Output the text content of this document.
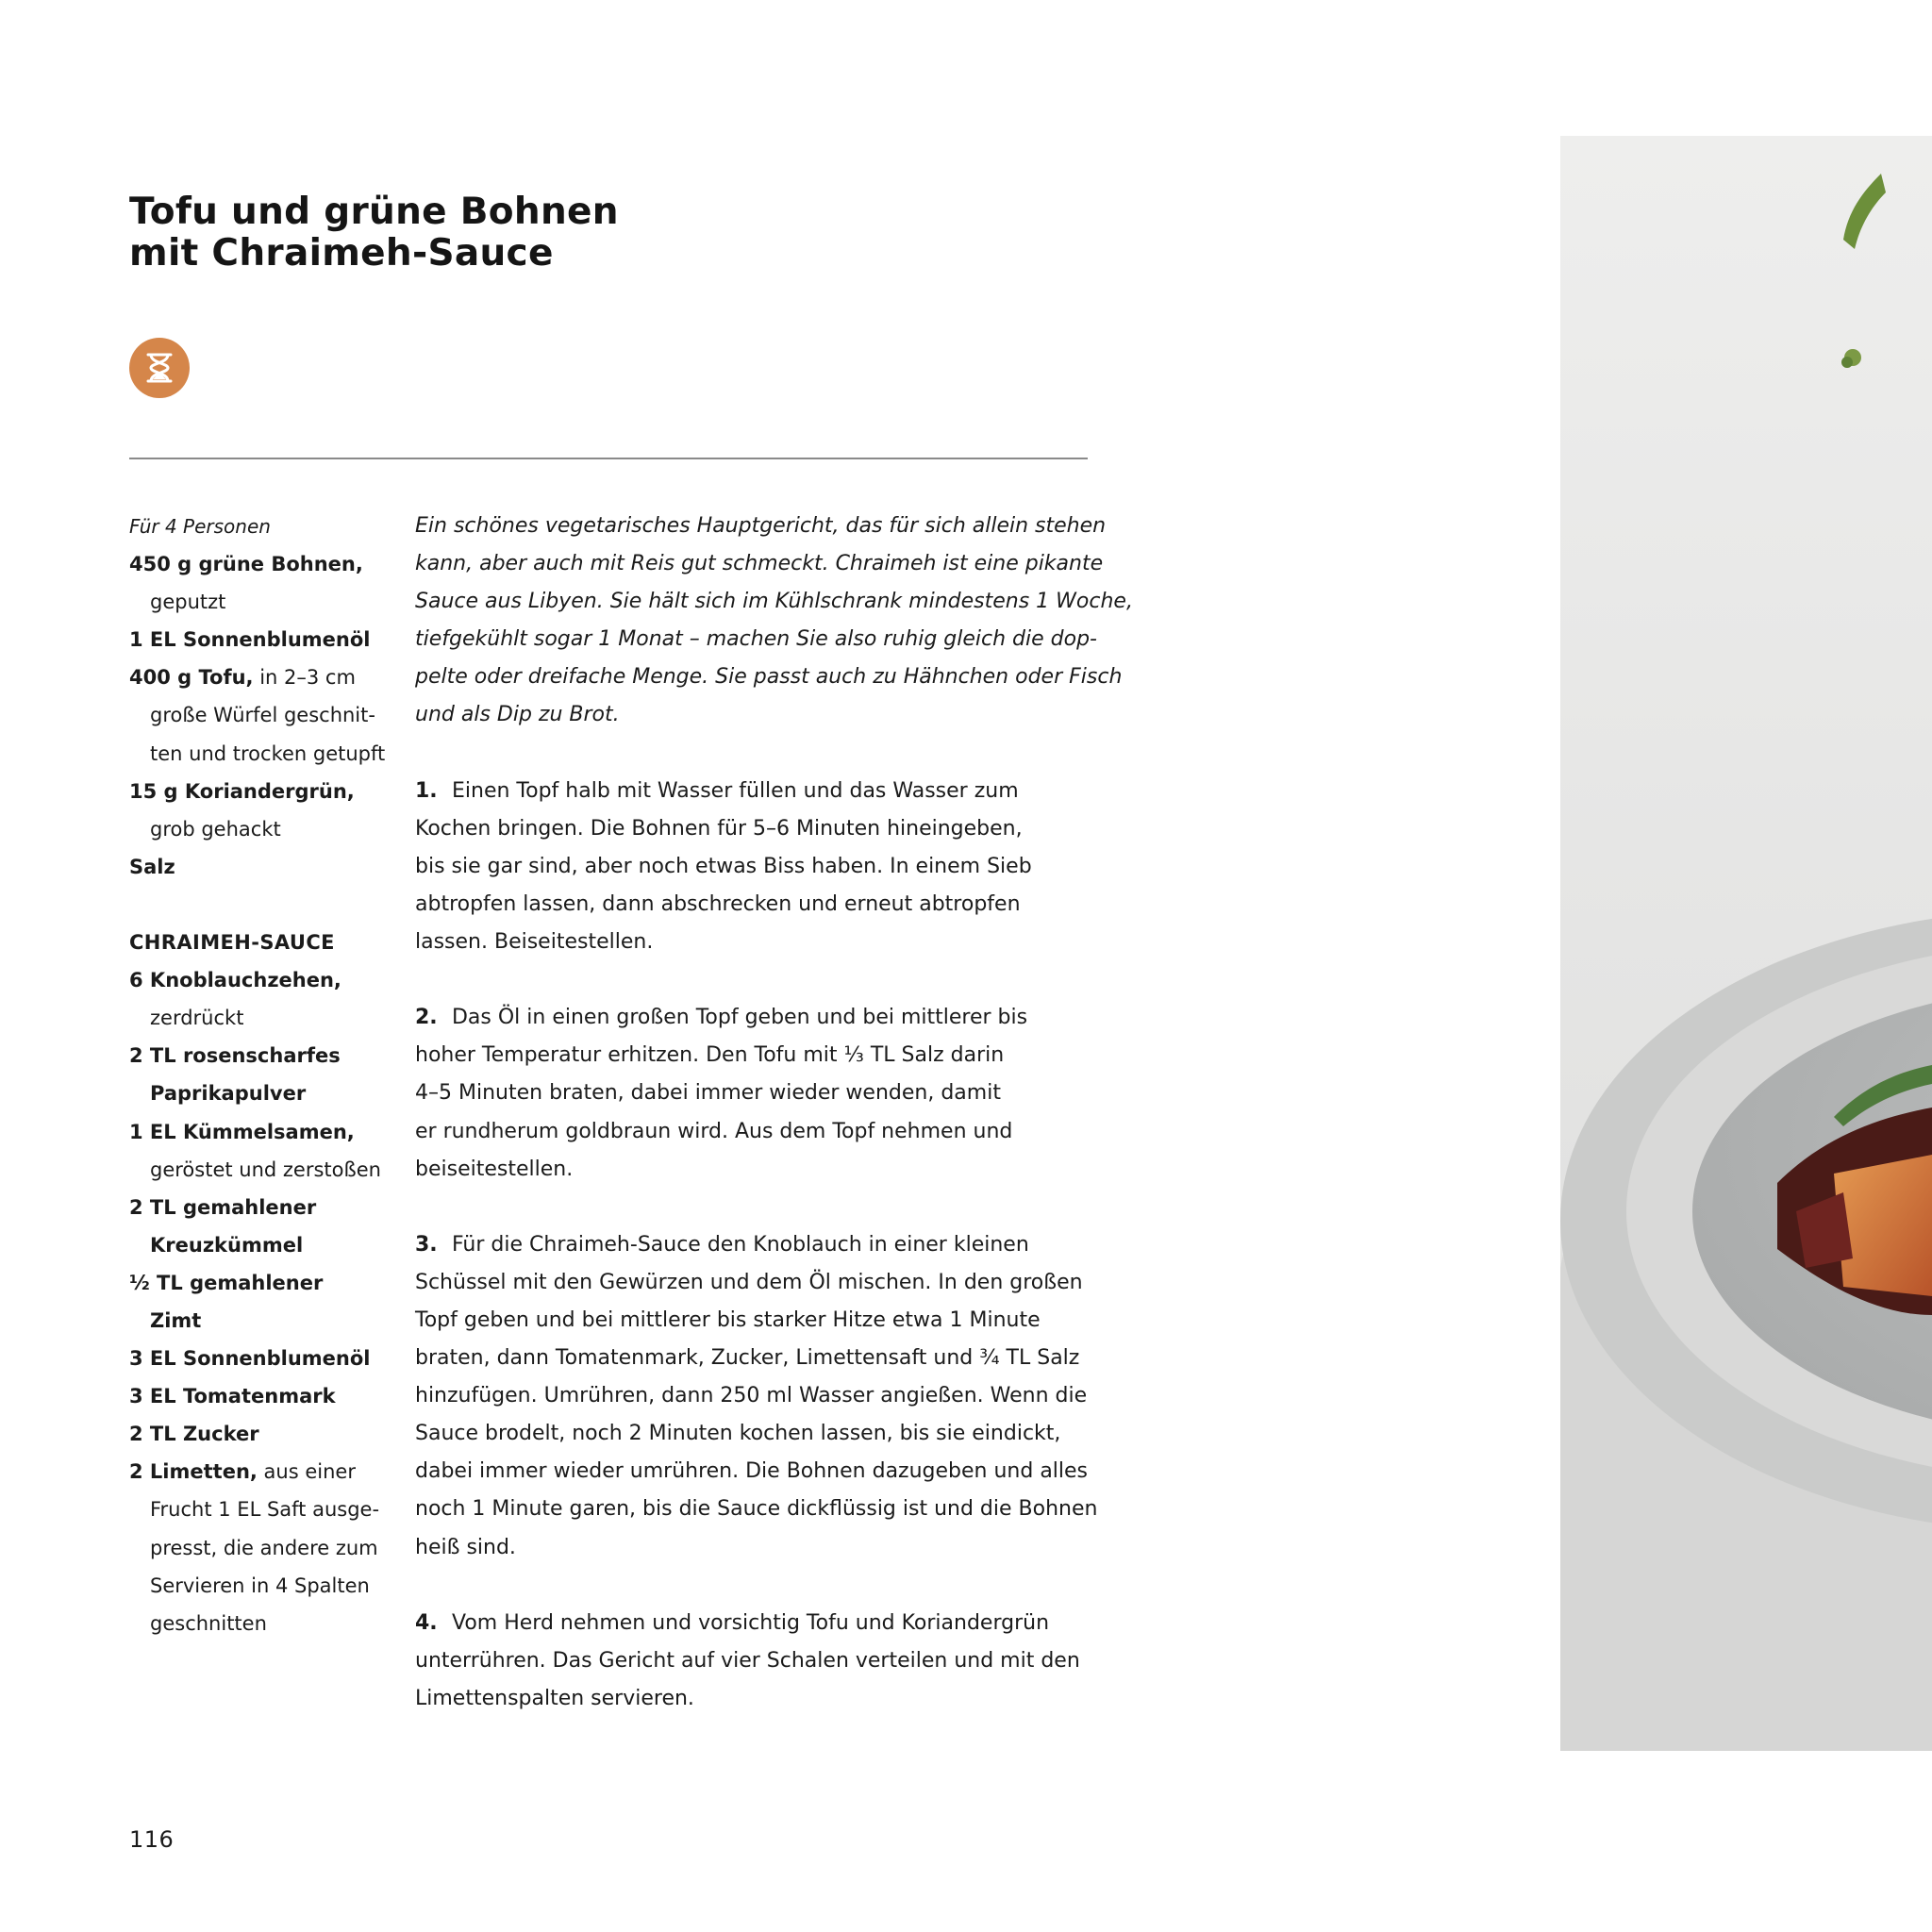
Tofu und grüne Bohnen
mit Chraimeh-Sauce
Für 4 Personen
450 g grüne Bohnen,
geputzt
1 EL Sonnenblumenöl
400 g Tofu, in 2–3 cm
große Würfel geschnit-
ten und trocken getupft
15 g Koriandergrün,
grob gehackt
Salz
CHRAIMEH-SAUCE
6 Knoblauchzehen,
zerdrückt
2 TL rosenscharfes
Paprikapulver
1 EL Kümmelsamen,
geröstet und zerstoßen
2 TL gemahlener
Kreuzkümmel
½ TL gemahlener
Zimt
3 EL Sonnenblumenöl
3 EL Tomatenmark
2 TL Zucker
2 Limetten, aus einer
Frucht 1 EL Saft ausge-
presst, die andere zum
Servieren in 4 Spalten
geschnitten

Ein schönes vegetarisches Hauptgericht, das für sich allein stehen
kann, aber auch mit Reis gut schmeckt. Chraimeh ist eine pikante
Sauce aus Libyen. Sie hält sich im Kühlschrank mindestens 1 Woche,
tiefgekühlt sogar 1 Monat – machen Sie also ruhig gleich die dop-
pelte oder dreifache Menge. Sie passt auch zu Hähnchen oder Fisch
und als Dip zu Brot.

1.  Einen Topf halb mit Wasser füllen und das Wasser zum
Kochen bringen. Die Bohnen für 5–6 Minuten hineingeben,
bis sie gar sind, aber noch etwas Biss haben. In einem Sieb
abtropfen lassen, dann abschrecken und erneut abtropfen
lassen. Beiseitestellen.

2.  Das Öl in einen großen Topf geben und bei mittlerer bis
hoher Temperatur erhitzen. Den Tofu mit ⅓ TL Salz darin
4–5 Minuten braten, dabei immer wieder wenden, damit
er rundherum goldbraun wird. Aus dem Topf nehmen und
beiseitestellen.

3.  Für die Chraimeh-Sauce den Knoblauch in einer kleinen
Schüssel mit den Gewürzen und dem Öl mischen. In den großen
Topf geben und bei mittlerer bis starker Hitze etwa 1 Minute
braten, dann Tomatenmark, Zucker, Limettensaft und ¾ TL Salz
hinzufügen. Umrühren, dann 250 ml Wasser angießen. Wenn die
Sauce brodelt, noch 2 Minuten kochen lassen, bis sie eindickt,
dabei immer wieder umrühren. Die Bohnen dazugeben und alles
noch 1 Minute garen, bis die Sauce dickflüssig ist und die Bohnen
heiß sind.

4.  Vom Herd nehmen und vorsichtig Tofu und Koriandergrün
unterrühren. Das Gericht auf vier Schalen verteilen und mit den
Limettenspalten servieren.

116
